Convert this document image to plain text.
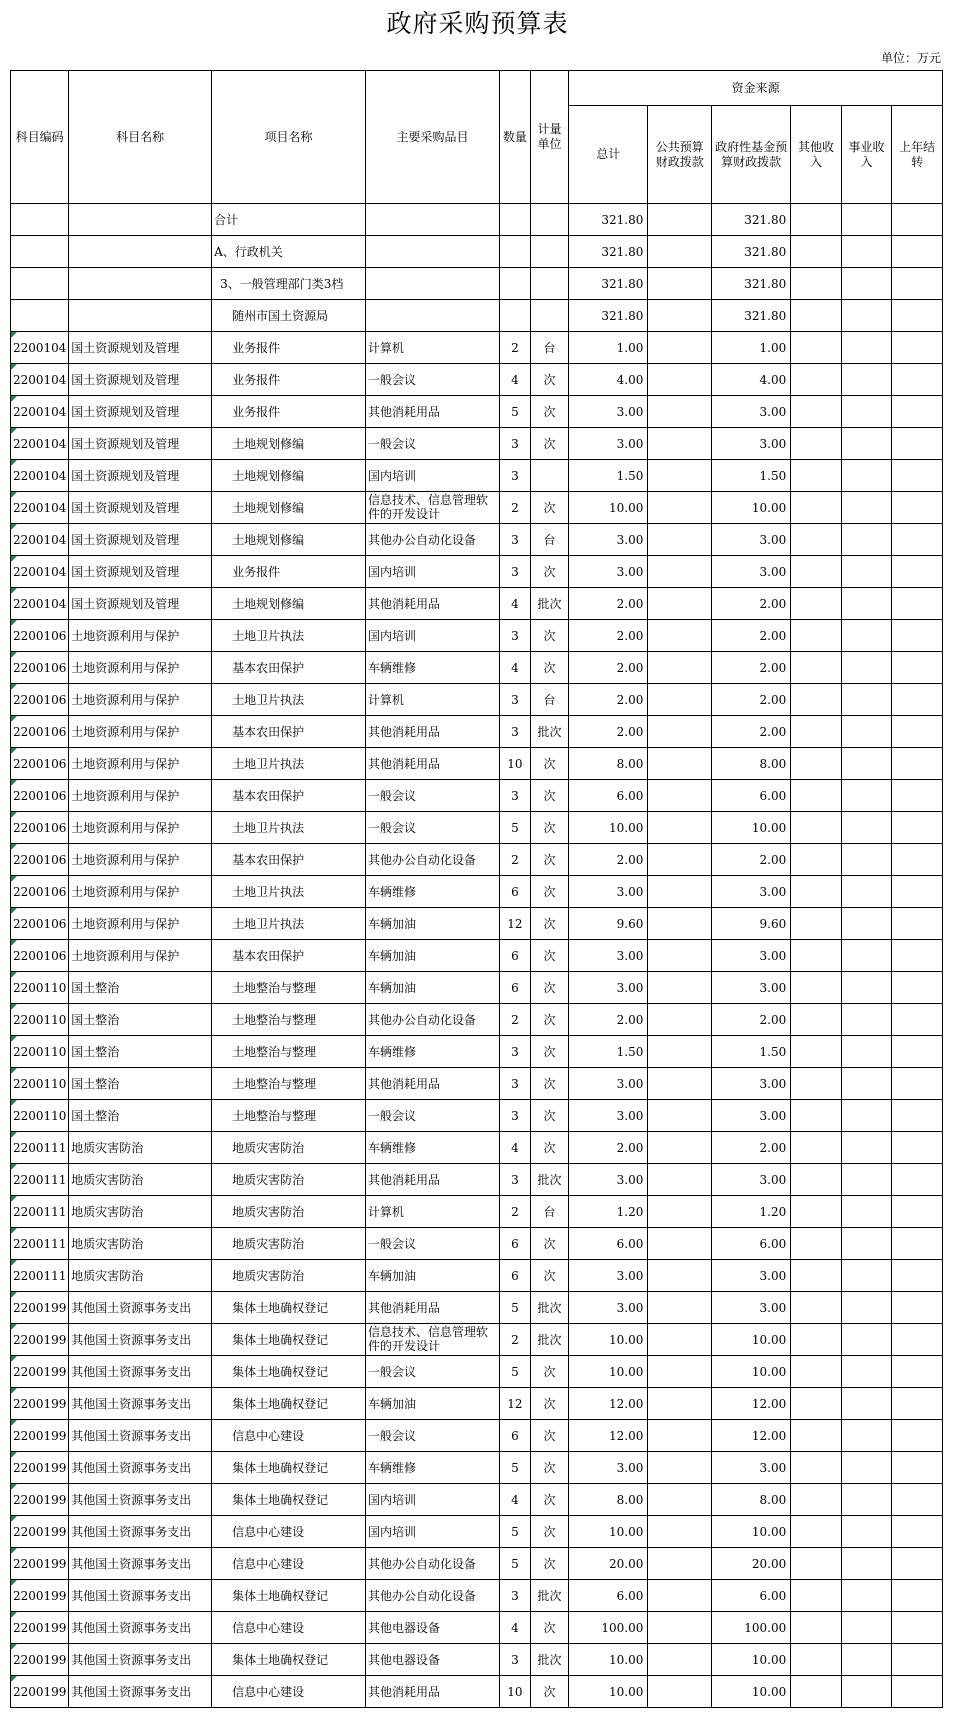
政府采购预算表
单位：万元
科目编码	科目名称	项目名称	主要采购品目	数量	计量单位	资金来源					
						总计	公共预算财政拨款	政府性基金预算财政拨款	其他收入	事业收入	上年结转
		合计				321.80		321.80			
		A、行政机关				321.80		321.80			
		3、一般管理部门类3档				321.80		321.80			
		随州市国土资源局				321.80		321.80			
2200104	国土资源规划及管理	业务报件	计算机	2	台	1.00		1.00			
2200104	国土资源规划及管理	业务报件	一般会议	4	次	4.00		4.00			
2200104	国土资源规划及管理	业务报件	其他消耗用品	5	次	3.00		3.00			
2200104	国土资源规划及管理	土地规划修编	一般会议	3	次	3.00		3.00			
2200104	国土资源规划及管理	土地规划修编	国内培训	3		1.50		1.50			
2200104	国土资源规划及管理	土地规划修编	信息技术、信息管理软件的开发设计	2	次	10.00		10.00			
2200104	国土资源规划及管理	土地规划修编	其他办公自动化设备	3	台	3.00		3.00			
2200104	国土资源规划及管理	业务报件	国内培训	3	次	3.00		3.00			
2200104	国土资源规划及管理	土地规划修编	其他消耗用品	4	批次	2.00		2.00			
2200106	土地资源利用与保护	土地卫片执法	国内培训	3	次	2.00		2.00			
2200106	土地资源利用与保护	基本农田保护	车辆维修	4	次	2.00		2.00			
2200106	土地资源利用与保护	土地卫片执法	计算机	3	台	2.00		2.00			
2200106	土地资源利用与保护	基本农田保护	其他消耗用品	3	批次	2.00		2.00			
2200106	土地资源利用与保护	土地卫片执法	其他消耗用品	10	次	8.00		8.00			
2200106	土地资源利用与保护	基本农田保护	一般会议	3	次	6.00		6.00			
2200106	土地资源利用与保护	土地卫片执法	一般会议	5	次	10.00		10.00			
2200106	土地资源利用与保护	基本农田保护	其他办公自动化设备	2	次	2.00		2.00			
2200106	土地资源利用与保护	土地卫片执法	车辆维修	6	次	3.00		3.00			
2200106	土地资源利用与保护	土地卫片执法	车辆加油	12	次	9.60		9.60			
2200106	土地资源利用与保护	基本农田保护	车辆加油	6	次	3.00		3.00			
2200110	国土整治	土地整治与整理	车辆加油	6	次	3.00		3.00			
2200110	国土整治	土地整治与整理	其他办公自动化设备	2	次	2.00		2.00			
2200110	国土整治	土地整治与整理	车辆维修	3	次	1.50		1.50			
2200110	国土整治	土地整治与整理	其他消耗用品	3	次	3.00		3.00			
2200110	国土整治	土地整治与整理	一般会议	3	次	3.00		3.00			
2200111	地质灾害防治	地质灾害防治	车辆维修	4	次	2.00		2.00			
2200111	地质灾害防治	地质灾害防治	其他消耗用品	3	批次	3.00		3.00			
2200111	地质灾害防治	地质灾害防治	计算机	2	台	1.20		1.20			
2200111	地质灾害防治	地质灾害防治	一般会议	6	次	6.00		6.00			
2200111	地质灾害防治	地质灾害防治	车辆加油	6	次	3.00		3.00			
2200199	其他国土资源事务支出	集体土地确权登记	其他消耗用品	5	批次	3.00		3.00			
2200199	其他国土资源事务支出	集体土地确权登记	信息技术、信息管理软件的开发设计	2	批次	10.00		10.00			
2200199	其他国土资源事务支出	集体土地确权登记	一般会议	5	次	10.00		10.00			
2200199	其他国土资源事务支出	集体土地确权登记	车辆加油	12	次	12.00		12.00			
2200199	其他国土资源事务支出	信息中心建设	一般会议	6	次	12.00		12.00			
2200199	其他国土资源事务支出	集体土地确权登记	车辆维修	5	次	3.00		3.00			
2200199	其他国土资源事务支出	集体土地确权登记	国内培训	4	次	8.00		8.00			
2200199	其他国土资源事务支出	信息中心建设	国内培训	5	次	10.00		10.00			
2200199	其他国土资源事务支出	信息中心建设	其他办公自动化设备	5	次	20.00		20.00			
2200199	其他国土资源事务支出	集体土地确权登记	其他办公自动化设备	3	批次	6.00		6.00			
2200199	其他国土资源事务支出	信息中心建设	其他电器设备	4	次	100.00		100.00			
2200199	其他国土资源事务支出	集体土地确权登记	其他电器设备	3	批次	10.00		10.00			
2200199	其他国土资源事务支出	信息中心建设	其他消耗用品	10	次	10.00		10.00			
